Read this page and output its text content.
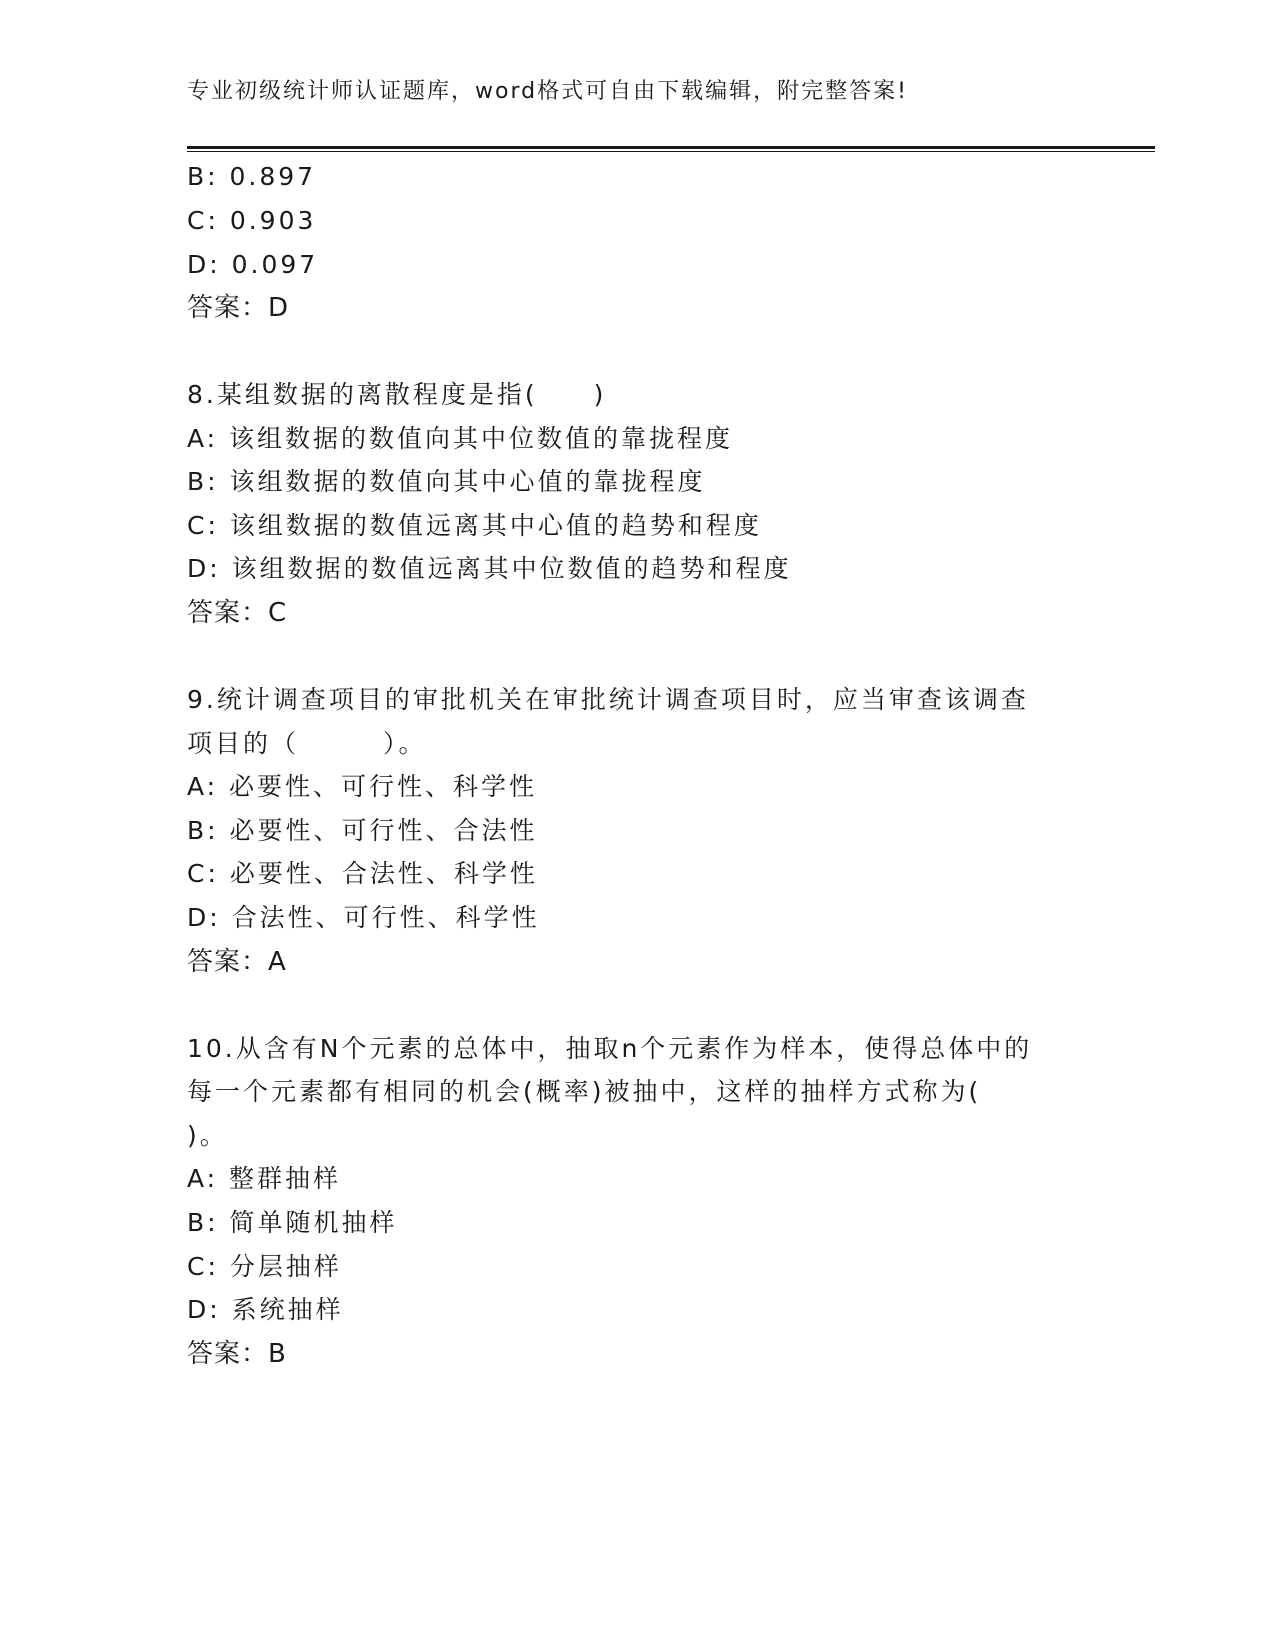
专业初级统计师认证题库，word格式可自由下载编辑，附完整答案!
B: 0.897
C: 0.903
D: 0.097
答案：D
8.某组数据的离散程度是指(　　)
A: 该组数据的数值向其中位数值的靠拢程度
B: 该组数据的数值向其中心值的靠拢程度
C: 该组数据的数值远离其中心值的趋势和程度
D: 该组数据的数值远离其中位数值的趋势和程度
答案：C
9.统计调查项目的审批机关在审批统计调查项目时，应当审查该调查
项目的（　　　）。
A: 必要性、可行性、科学性
B: 必要性、可行性、合法性
C: 必要性、合法性、科学性
D: 合法性、可行性、科学性
答案：A
10.从含有N个元素的总体中，抽取n个元素作为样本，使得总体中的
每一个元素都有相同的机会(概率)被抽中，这样的抽样方式称为(
)。
A: 整群抽样
B: 简单随机抽样
C: 分层抽样
D: 系统抽样
答案：B
